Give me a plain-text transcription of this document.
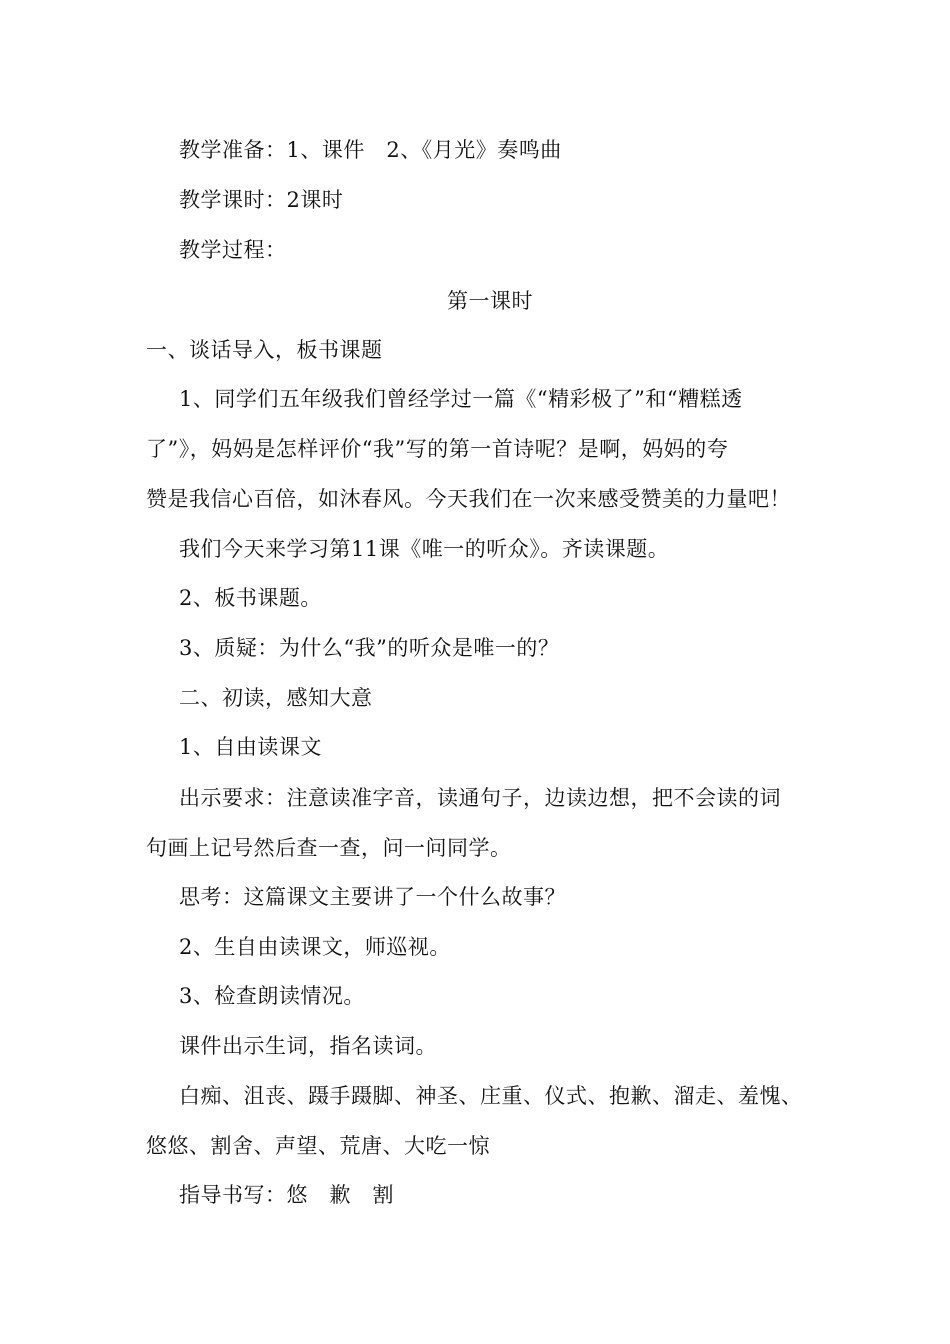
教学准备：1、课件　2、《月光》奏鸣曲
教学课时：2课时
教学过程：
第一课时
一、谈话导入，板书课题
1、同学们五年级我们曾经学过一篇《“精彩极了”和“糟糕透
了”》，妈妈是怎样评价“我”写的第一首诗呢？是啊，妈妈的夸
赞是我信心百倍，如沐春风。今天我们在一次来感受赞美的力量吧！
我们今天来学习第11课《唯一的听众》。齐读课题。
2、板书课题。
3、质疑：为什么“我”的听众是唯一的？
二、初读，感知大意
1、自由读课文
出示要求：注意读准字音，读通句子，边读边想，把不会读的词
句画上记号然后查一查，问一问同学。
思考：这篇课文主要讲了一个什么故事？
2、生自由读课文，师巡视。
3、检查朗读情况。
课件出示生词，指名读词。
白痴、沮丧、蹑手蹑脚、神圣、庄重、仪式、抱歉、溜走、羞愧、
悠悠、割舍、声望、荒唐、大吃一惊
指导书写：悠　歉　割
